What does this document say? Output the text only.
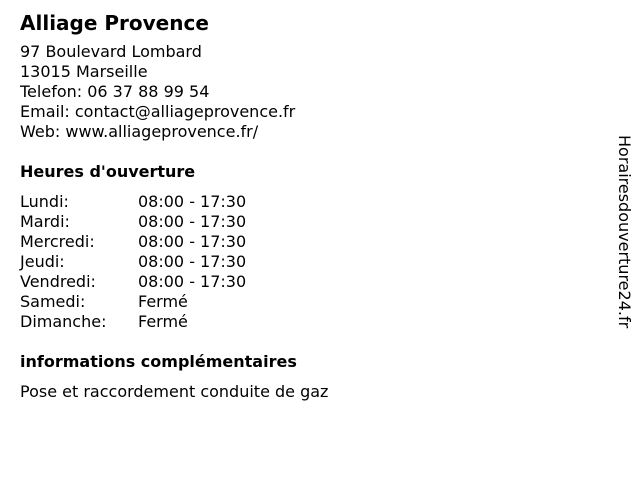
Alliage Provence
97 Boulevard Lombard
13015 Marseille
Telefon: 06 37 88 99 54
Email: contact@alliageprovence.fr
Web: www.alliageprovence.fr/
Heures d'ouverture
Lundi:	08:00 - 17:30
Mardi:	08:00 - 17:30
Mercredi:	08:00 - 17:30
Jeudi:	08:00 - 17:30
Vendredi:	08:00 - 17:30
Samedi:	Fermé
Dimanche:	Fermé
informations complémentaires
Pose et raccordement conduite de gaz
Horairesdouverture24.fr
